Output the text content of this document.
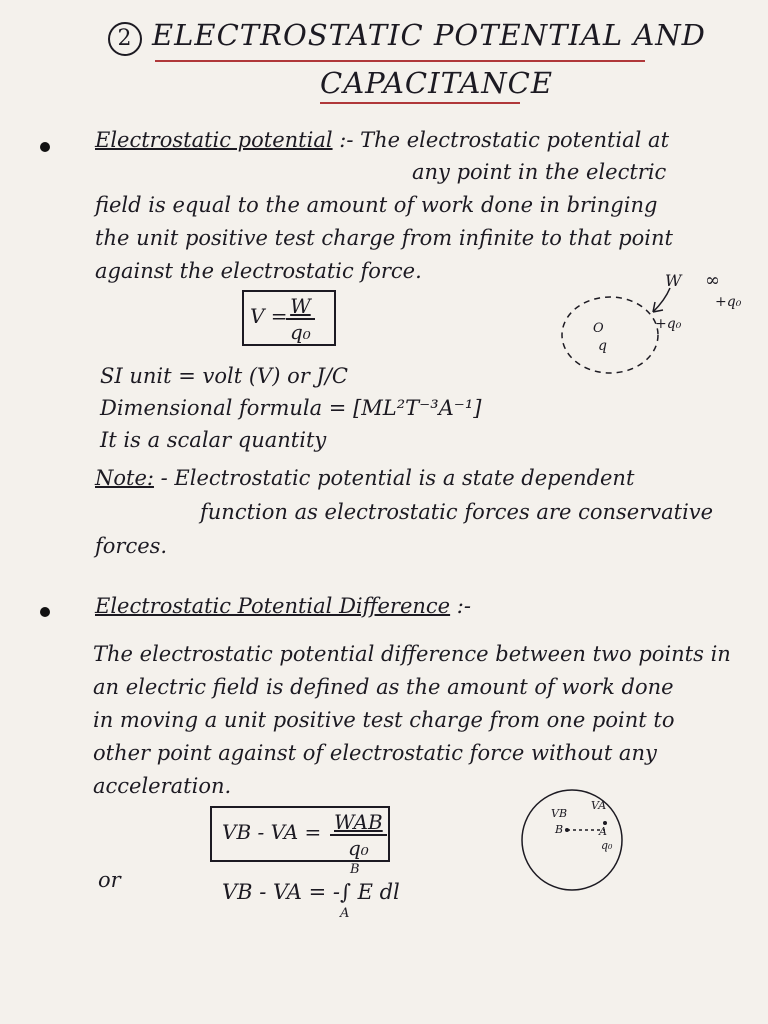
2 ELECTROSTATIC POTENTIAL AND
CAPACITANCE
Electrostatic potential :- The electrostatic potential at
any point in the electric
field is equal to the amount of work done in bringing
the unit positive test charge from infinite to that point
against the electrostatic force.
V =
$\frac{W}{\text{q₀}}$
W ∞
+q₀
+q₀
O
q
SI unit = volt (V) or J/C
Dimensional formula = [ML²T⁻³A⁻¹]
It is a scalar quantity
Note: - Electrostatic potential is a state dependent
function as electrostatic forces are conservative
forces.
Electrostatic Potential Difference :-
The electrostatic potential difference between two points in
an electric field is defined as the amount of work done
in moving a unit positive test charge from one point to
other point against of electrostatic force without any
acceleration.
VB - VA = WAB
q₀
or	VB - VA = -∫ E dl
B
A
VB
VA
B	A
q₀
